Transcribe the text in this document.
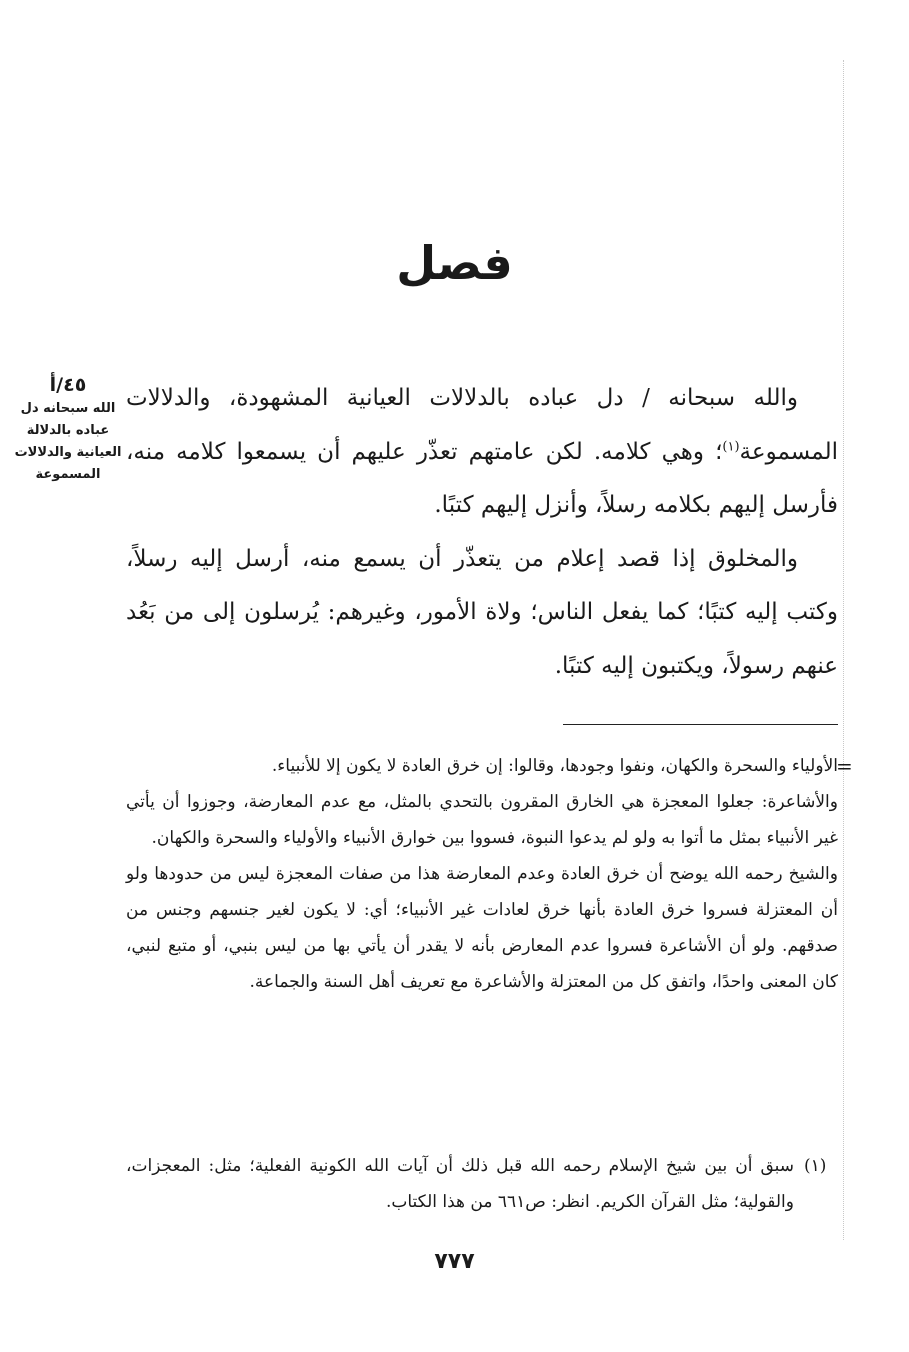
فصل
٤٥/أ
الله سبحانه دل عباده بالدلالة العيانية والدلالات المسموعة

والله سبحانه / دل عباده بالدلالات العيانية المشهودة، والدلالات المسموعة$^{(١)}$؛ وهي كلامه. لكن عامتهم تعذّر عليهم أن يسمعوا كلامه منه، فأرسل إليهم بكلامه رسلاً، وأنزل إليهم كتبًا.

والمخلوق إذا قصد إعلام من يتعذّر أن يسمع منه، أرسل إليه رسلاً، وكتب إليه كتبًا؛ كما يفعل الناس؛ ولاة الأمور، وغيرهم: يُرسلون إلى من بَعُد عنهم رسولاً، ويكتبون إليه كتبًا.

=

الأولياء والسحرة والكهان، ونفوا وجودها، وقالوا: إن خرق العادة لا يكون إلا للأنبياء.

والأشاعرة: جعلوا المعجزة هي الخارق المقرون بالتحدي بالمثل، مع عدم المعارضة، وجوزوا أن يأتي غير الأنبياء بمثل ما أتوا به ولو لم يدعوا النبوة، فسووا بين خوارق الأنبياء والأولياء والسحرة والكهان.

والشيخ رحمه الله يوضح أن خرق العادة وعدم المعارضة هذا من صفات المعجزة ليس من حدودها ولو أن المعتزلة فسروا خرق العادة بأنها خرق لعادات غير الأنبياء؛ أي: لا يكون لغير جنسهم وجنس من صدقهم. ولو أن الأشاعرة فسروا عدم المعارض بأنه لا يقدر أن يأتي بها من ليس بنبي، أو متبع لنبي، كان المعنى واحدًا، واتفق كل من المعتزلة والأشاعرة مع تعريف أهل السنة والجماعة.

(١)
سبق أن بين شيخ الإسلام رحمه الله قبل ذلك أن آيات الله الكونية الفعلية؛ مثل: المعجزات، والقولية؛ مثل القرآن الكريم. انظر: ص٦٦١ من هذا الكتاب.
٧٧٧
